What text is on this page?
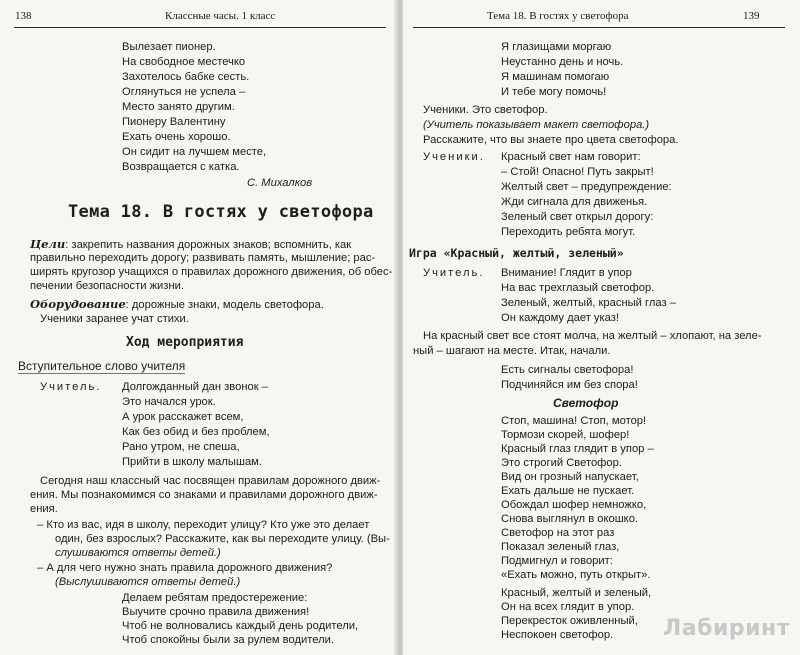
138	Классные часы. 1 класс
Вылезает пионер.
На свободное местечко
Захотелось бабке сесть.
Оглянуться не успела –
Место занято другим.
Пионеру Валентину
Ехать очень хорошо.
Он сидит на лучшем месте,
Возвращается с катка.
С. Михалков
Тема 18. В гостях у светофора
Цели: закрепить названия дорожных знаков; вспомнить, как
правильно переходить дорогу; развивать память, мышление; рас-
ширять кругозор учащихся о правилах дорожного движения, об обес-
печении безопасности жизни.
Оборудование: дорожные знаки, модель светофора.
Ученики заранее учат стихи.
Ход мероприятия
Вступительное слово учителя
Учитель. Долгожданный дан звонок –
Это начался урок.
А урок расскажет всем,
Как без обид и без проблем,
Рано утром, не спеша,
Прийти в школу малышам.
Сегодня наш классный час посвящен правилам дорожного движ-
ения. Мы познакомимся со знаками и правилами дорожного движ-
ения.
– Кто из вас, идя в школу, переходит улицу? Кто уже это делает
один, без взрослых? Расскажите, как вы переходите улицу. (Вы-
слушиваются ответы детей.)
– А для чего нужно знать правила дорожного движения?
(Выслушиваются ответы детей.)
Делаем ребятам предостережение:
Выучите срочно правила движения!
Чтоб не волновались каждый день родители,
Чтоб спокойны были за рулем водители.
Тема 18. В гостях у светофора	139
Я глазищами моргаю
Неустанно день и ночь.
Я машинам помогаю
И тебе могу помочь!
Ученики. Это светофор.
(Учитель показывает макет светофора.)
Расскажите, что вы знаете про цвета светофора.
Ученики. Красный свет нам говорит:
– Стой! Опасно! Путь закрыт!
Желтый свет – предупреждение:
Жди сигнала для движенья.
Зеленый свет открыл дорогу:
Переходить ребята могут.
Игра «Красный, желтый, зеленый»
Учитель. Внимание! Глядит в упор
На вас трехглазый светофор.
Зеленый, желтый, красный глаз –
Он каждому дает указ!
На красный свет все стоят молча, на желтый – хлопают, на зеле-
ный – шагают на месте. Итак, начали.
Есть сигналы светофора!
Подчиняйся им без спора!
Светофор
Стоп, машина! Стоп, мотор!
Тормози скорей, шофер!
Красный глаз глядит в упор –
Это строгий Светофор.
Вид он грозный напускает,
Ехать дальше не пускает.
Обождал шофер немножко,
Снова выглянул в окошко.
Светофор на этот раз
Показал зеленый глаз,
Подмигнул и говорит:
«Ехать можно, путь открыт».
Красный, желтый и зеленый,
Он на всех глядит в упор.
Перекресток оживленный,
Неспокоен светофор. Лабиринт
